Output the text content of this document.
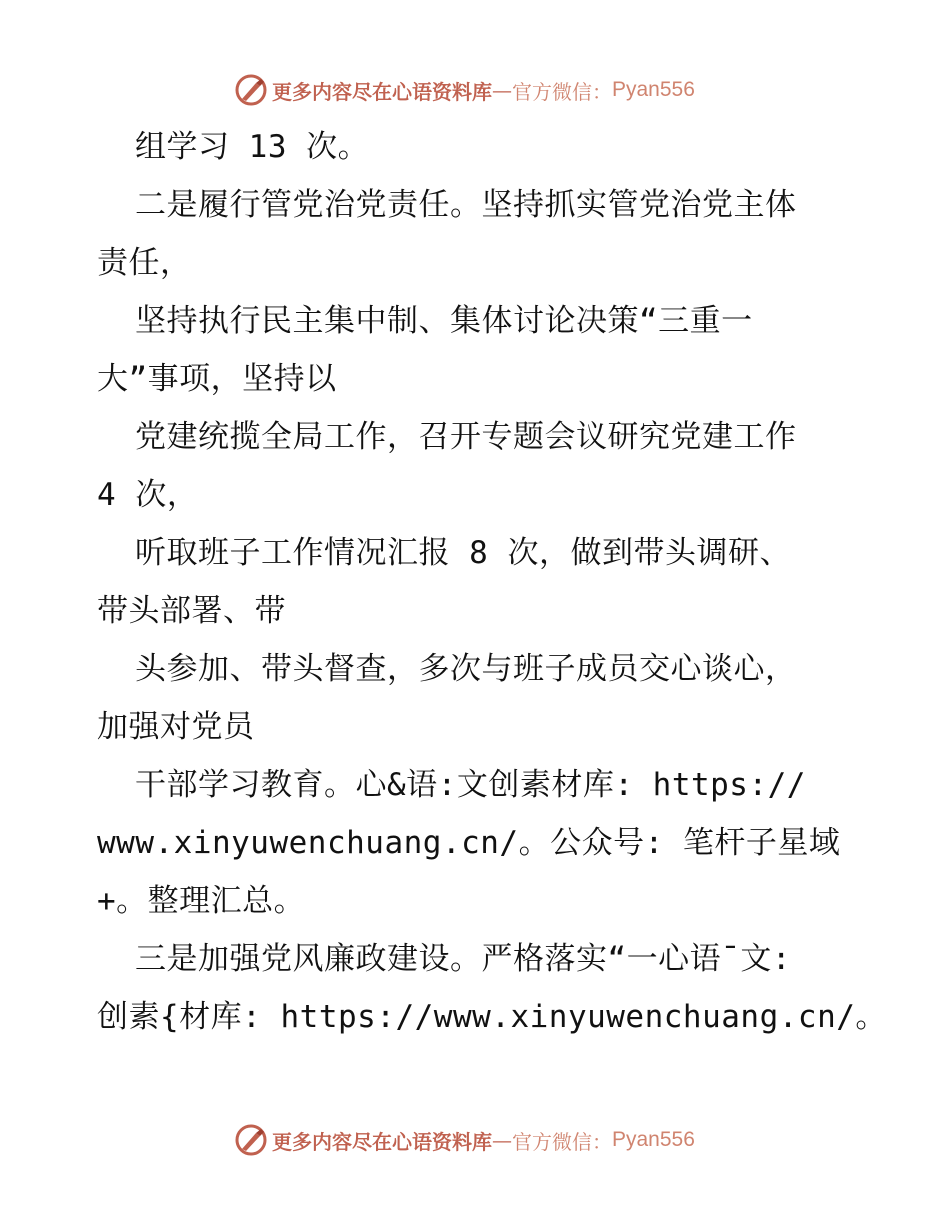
更多内容尽在心语资料库 — 官方微信： Pyan556
组学习 13 次。
二是履行管党治党责任。坚持抓实管党治党主体
责任，
坚持执行民主集中制、集体讨论决策“三重一
大”事项，坚持以
党建统揽全局工作，召开专题会议研究党建工作
4 次，
听取班子工作情况汇报 8 次，做到带头调研、
带头部署、带
头参加、带头督查，多次与班子成员交心谈心，
加强对党员
干部学习教育。心&语:文创素材库: https://
www.xinyuwenchuang.cn/。公众号: 笔杆子星域
+。整理汇总。
三是加强党风廉政建设。严格落实“一心语¯文:
创素{材库: https://www.xinyuwenchuang.cn/。
更多内容尽在心语资料库 — 官方微信： Pyan556
